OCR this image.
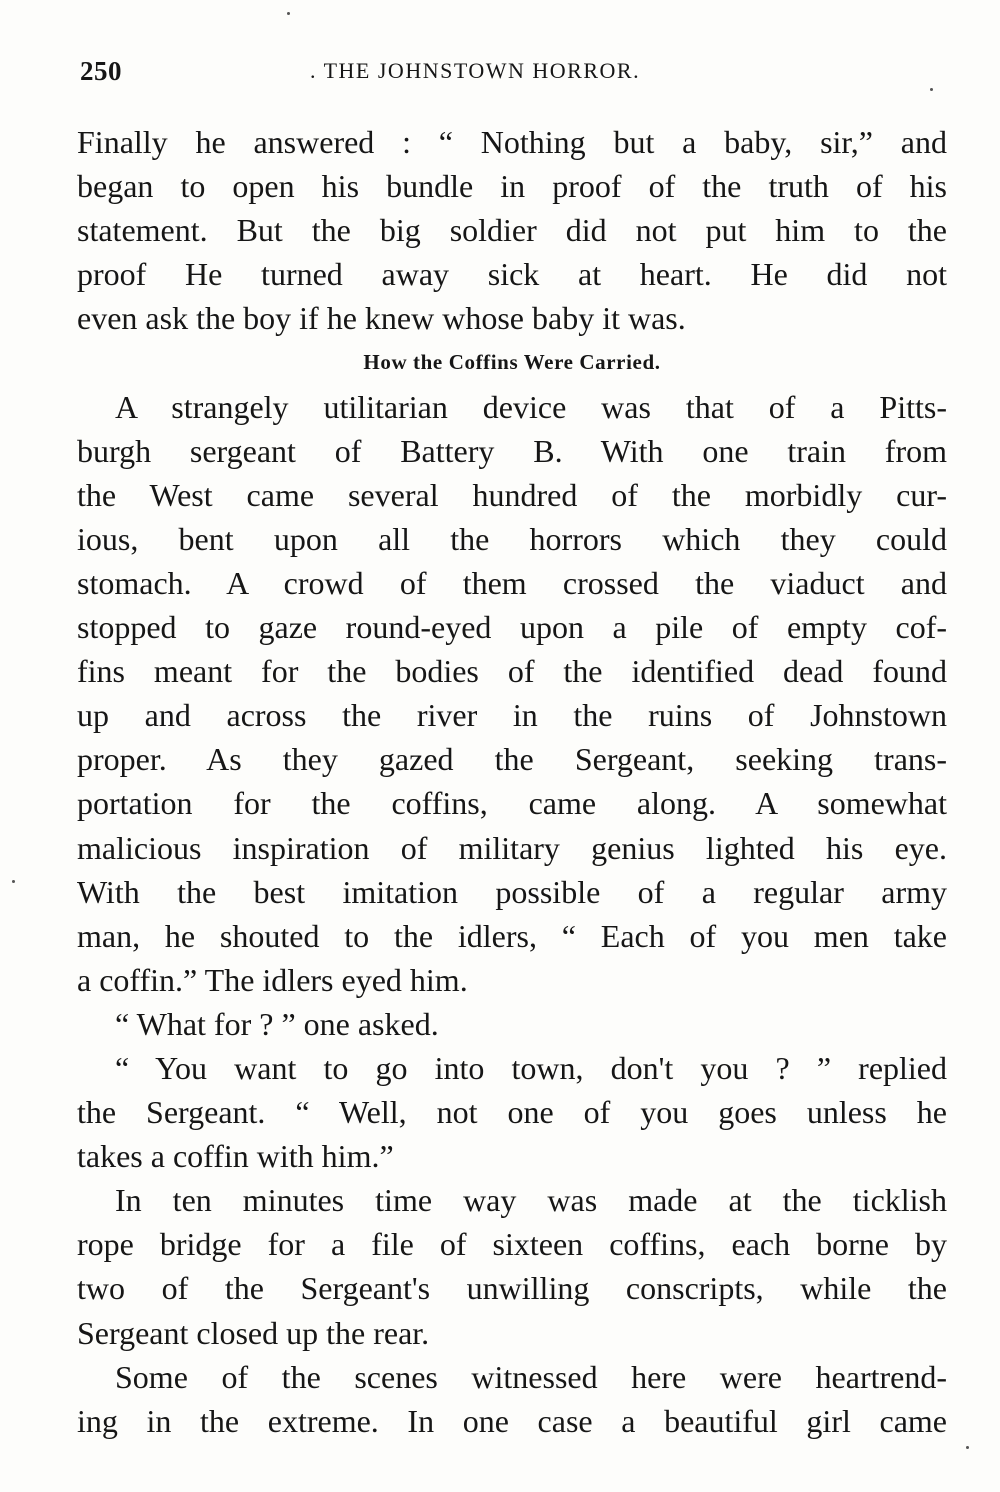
250	. THE JOHNSTOWN HORROR.
Finally he answered : “ Nothing but a baby, sir,” and
began to open his bundle in proof of the truth of his
statement. But the big soldier did not put him to the
proof He turned away sick at heart. He did not
even ask the boy if he knew whose baby it was.
How the Coffins Were Carried.
A strangely utilitarian device was that of a Pitts-
burgh sergeant of Battery B. With one train from
the West came several hundred of the morbidly cur-
ious, bent upon all the horrors which they could
stomach. A crowd of them crossed the viaduct and
stopped to gaze round-eyed upon a pile of empty cof-
fins meant for the bodies of the identified dead found
up and across the river in the ruins of Johnstown
proper. As they gazed the Sergeant, seeking trans-
portation for the coffins, came along. A somewhat
malicious inspiration of military genius lighted his eye.
With the best imitation possible of a regular army
man, he shouted to the idlers, “ Each of you men take
a coffin.” The idlers eyed him.
“ What for ? ” one asked.
“ You want to go into town, don't you ? ” replied
the Sergeant. “ Well, not one of you goes unless he
takes a coffin with him.”
In ten minutes time way was made at the ticklish
rope bridge for a file of sixteen coffins, each borne by
two of the Sergeant's unwilling conscripts, while the
Sergeant closed up the rear.
Some of the scenes witnessed here were heartrend-
ing in the extreme. In one case a beautiful girl came
